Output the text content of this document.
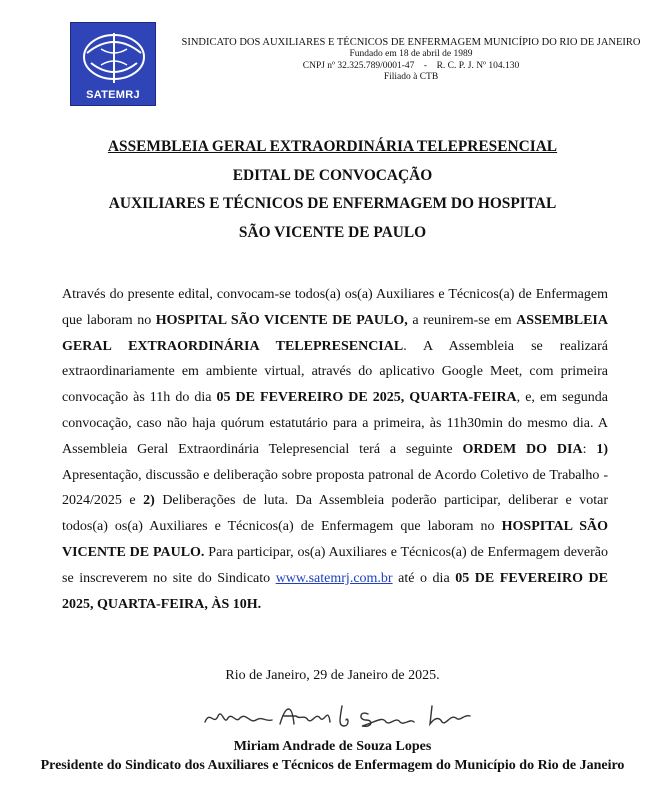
SATEMRJ
SINDICATO DOS AUXILIARES E TÉCNICOS DE ENFERMAGEM MUNICÍPIO DO RIO DE JANEIRO
Fundado em 18 de abril de 1989
CNPJ nº 32.325.789/0001-47    -    R. C. P. J. Nº 104.130
Filiado à CTB
ASSEMBLEIA GERAL EXTRAORDINÁRIA TELEPRESENCIAL
EDITAL DE CONVOCAÇÃO
AUXILIARES E TÉCNICOS DE ENFERMAGEM DO HOSPITAL
SÃO VICENTE DE PAULO
Através do presente edital, convocam-se todos(a) os(a) Auxiliares e Técnicos(a) de Enfermagem que laboram no HOSPITAL SÃO VICENTE DE PAULO, a reunirem-se em ASSEMBLEIA GERAL EXTRAORDINÁRIA TELEPRESENCIAL. A Assembleia se realizará extraordinariamente em ambiente virtual, através do aplicativo Google Meet, com primeira convocação às 11h do dia 05 DE FEVEREIRO DE 2025, QUARTA-FEIRA, e, em segunda convocação, caso não haja quórum estatutário para a primeira, às 11h30min do mesmo dia. A Assembleia Geral Extraordinária Telepresencial terá a seguinte ORDEM DO DIA: 1) Apresentação, discussão e deliberação sobre proposta patronal de Acordo Coletivo de Trabalho - 2024/2025 e 2) Deliberações de luta. Da Assembleia poderão participar, deliberar e votar todos(a) os(a) Auxiliares e Técnicos(a) de Enfermagem que laboram no HOSPITAL SÃO VICENTE DE PAULO. Para participar, os(a) Auxiliares e Técnicos(a) de Enfermagem deverão se inscreverem no site do Sindicato www.satemrj.com.br até o dia 05 DE FEVEREIRO DE 2025, QUARTA-FEIRA, ÀS 10H.
Rio de Janeiro, 29 de Janeiro de 2025.
Miriam Andrade de Souza Lopes
Presidente do Sindicato dos Auxiliares e Técnicos de Enfermagem do Município do Rio de Janeiro
